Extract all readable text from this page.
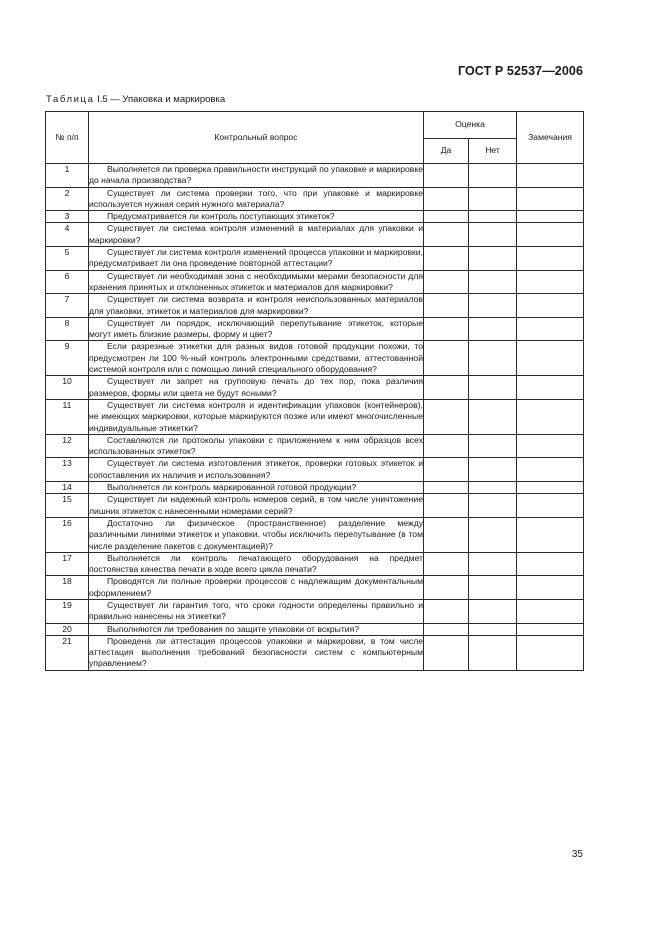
ГОСТ Р 52537—2006
Таблица I.5 — Упаковка и маркировка
№ п/п	Контрольный вопрос	Оценка		Замечания
		Да	Нет	
1	Выполняется ли проверка правильности инструкций по упаковке и маркировке до начала производства?			
2	Существует ли система проверки того, что при упаковке и маркировке используется нужная серия нужного материала?			
3	Предусматривается ли контроль поступающих этикеток?			
4	Существует ли система контроля изменений в материалах для упаковки и маркировки?			
5	Существует ли система контроля изменений процесса упаковки и маркировки, предусматривает ли она проведение повторной аттестации?			
6	Существует ли необходимая зона с необходимыми мерами безопасности для хранения принятых и отклоненных этикеток и материалов для маркировки?			
7	Существует ли система возврата и контроля неиспользованных материалов для упаковки, этикеток и материалов для маркировки?			
8	Существует ли порядок, исключающий перепутывание этикеток, которые могут иметь близкие размеры, форму и цвет?			
9	Если разрезные этикетки для разных видов готовой продукции похожи, то предусмотрен ли 100 %-ный контроль электронными средствами, аттестованной системой контроля или с помощью линий специального оборудования?			
10	Существует ли запрет на групповую печать до тех пор, пока различия размеров, формы или цвета не будут ясными?			
11	Существует ли система контроля и идентификации упаковок (контейнеров), не имеющих маркировки, которые маркируются позже или имеют многочисленные индивидуальные этикетки?			
12	Составляются ли протоколы упаковки с приложением к ним образцов всех использованных этикеток?			
13	Существует ли система изготовления этикеток, проверки готовых этикеток и сопоставления их наличия и использования?			
14	Выполняется ли контроль маркированной готовой продукции?			
15	Существует ли надежный контроль номеров серий, в том числе уничтожение лишних этикеток с нанесенными номерами серий?			
16	Достаточно ли физическое (пространственное) разделение между различными линиями этикеток и упаковки, чтобы исключить перепутывание (в том числе разделение пакетов с документацией)?			
17	Выполняется ли контроль печатающего оборудования на предмет постоянства качества печати в ходе всего цикла печати?			
18	Проводятся ли полные проверки процессов с надлежащим документальным оформлением?			
19	Существует ли гарантия того, что сроки годности определены правильно и правильно нанесены на этикетки?			
20	Выполняются ли требования по защите упаковки от вскрытия?			
21	Проведена ли аттестация процессов упаковки и маркировки, в том числе аттестация выполнения требований безопасности систем с компьютерным управлением?			
35
